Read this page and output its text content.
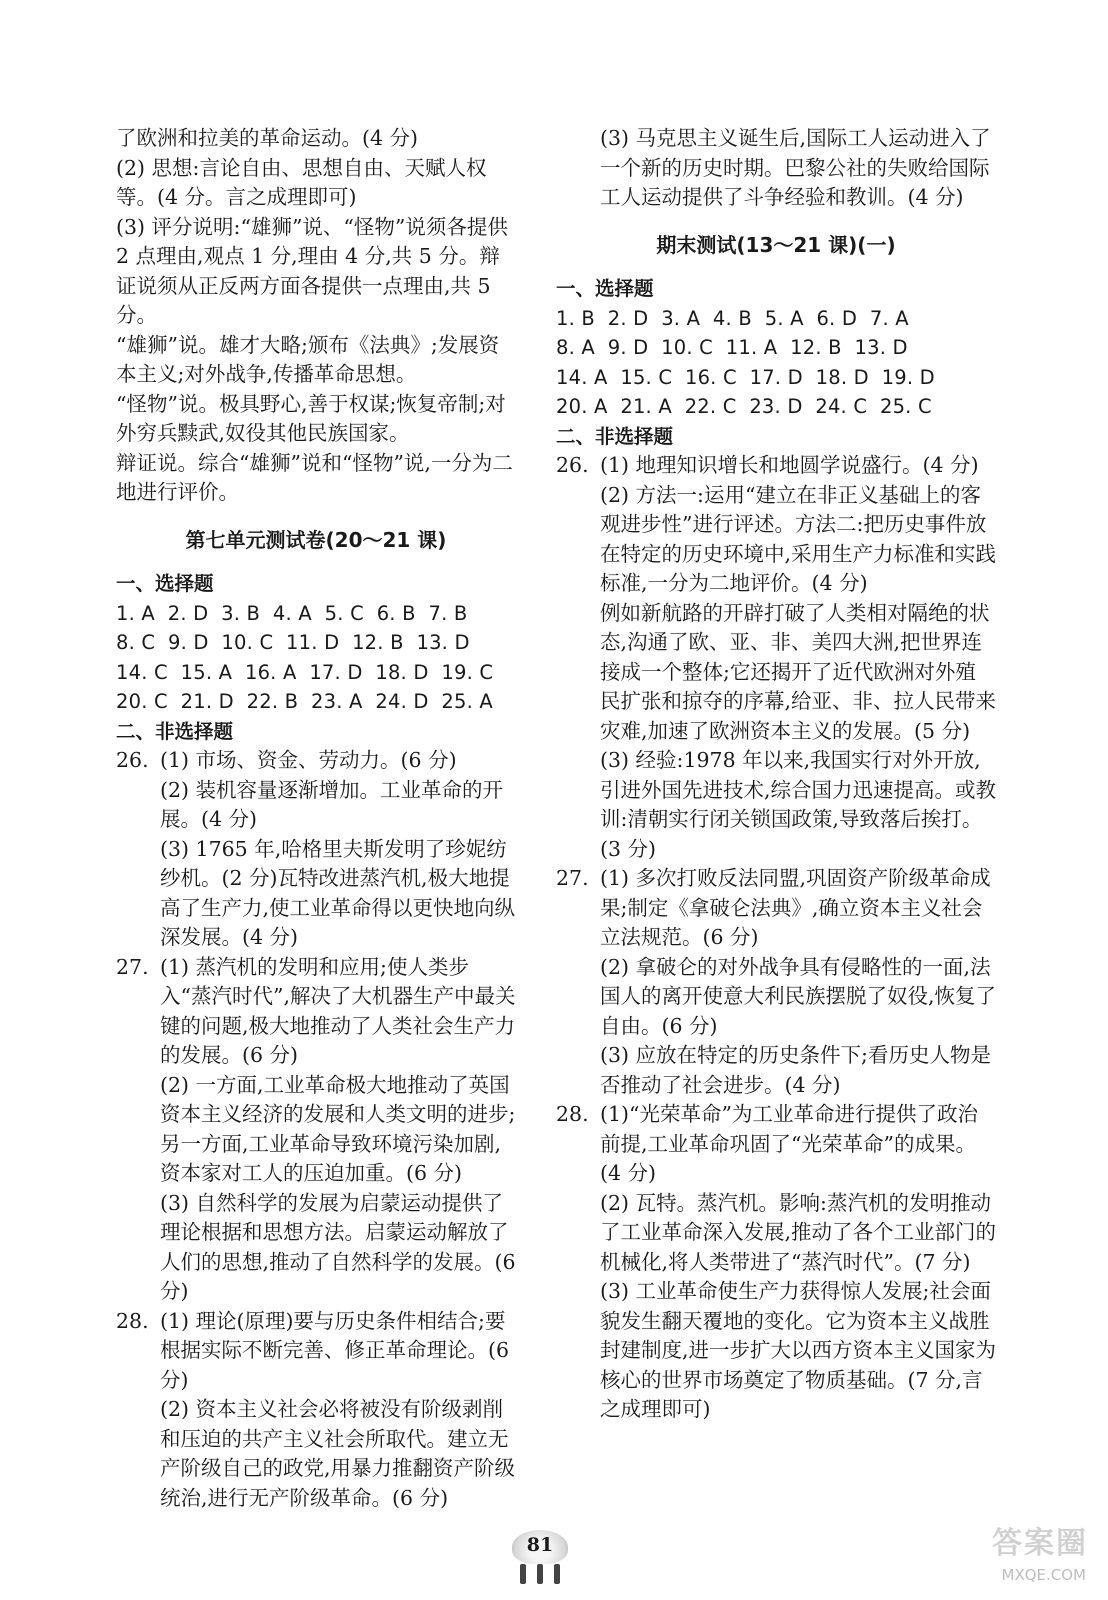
了欧洲和拉美的革命运动。(4 分)

(2) 思想:言论自由、思想自由、天赋人权等。(4 分。言之成理即可)

(3) 评分说明:“雄狮”说、“怪物”说须各提供 2 点理由,观点 1 分,理由 4 分,共 5 分。辩证说须从正反两方面各提供一点理由,共 5 分。

“雄狮”说。雄才大略;颁布《法典》;发展资本主义;对外战争,传播革命思想。

“怪物”说。极具野心,善于权谋;恢复帝制;对外穷兵黩武,奴役其他民族国家。

辩证说。综合“雄狮”说和“怪物”说,一分为二地进行评价。

第七单元测试卷(20～21 课)

一、选择题

1. A  2. D  3. B  4. A  5. C  6. B  7. B

8. C  9. D  10. C  11. D  12. B  13. D

14. C  15. A  16. A  17. D  18. D  19. C

20. C  21. D  22. B  23. A  24. D  25. A

二、非选择题

26. (1) 市场、资金、劳动力。(6 分)

(2) 装机容量逐渐增加。工业革命的开展。(4 分)

(3) 1765 年,哈格里夫斯发明了珍妮纺纱机。(2 分)瓦特改进蒸汽机,极大地提高了生产力,使工业革命得以更快地向纵深发展。(4 分)

27. (1) 蒸汽机的发明和应用;使人类步入“蒸汽时代”,解决了大机器生产中最关键的问题,极大地推动了人类社会生产力的发展。(6 分)

(2) 一方面,工业革命极大地推动了英国资本主义经济的发展和人类文明的进步;另一方面,工业革命导致环境污染加剧,资本家对工人的压迫加重。(6 分)

(3) 自然科学的发展为启蒙运动提供了理论根据和思想方法。启蒙运动解放了人们的思想,推动了自然科学的发展。(6 分)

28. (1) 理论(原理)要与历史条件相结合;要根据实际不断完善、修正革命理论。(6 分)

(2) 资本主义社会必将被没有阶级剥削和压迫的共产主义社会所取代。建立无产阶级自己的政党,用暴力推翻资产阶级统治,进行无产阶级革命。(6 分)

(3) 马克思主义诞生后,国际工人运动进入了一个新的历史时期。巴黎公社的失败给国际工人运动提供了斗争经验和教训。(4 分)

期末测试(13～21 课)(一)

一、选择题

1. B  2. D  3. A  4. B  5. A  6. D  7. A

8. A  9. D  10. C  11. A  12. B  13. D

14. A  15. C  16. C  17. D  18. D  19. D

20. A  21. A  22. C  23. D  24. C  25. C

二、非选择题

26. (1) 地理知识增长和地圆学说盛行。(4 分)

(2) 方法一:运用“建立在非正义基础上的客观进步性”进行评述。方法二:把历史事件放在特定的历史环境中,采用生产力标准和实践标准,一分为二地评价。(4 分)

例如新航路的开辟打破了人类相对隔绝的状态,沟通了欧、亚、非、美四大洲,把世界连接成一个整体;它还揭开了近代欧洲对外殖民扩张和掠夺的序幕,给亚、非、拉人民带来灾难,加速了欧洲资本主义的发展。(5 分)

(3) 经验:1978 年以来,我国实行对外开放,引进外国先进技术,综合国力迅速提高。或教训:清朝实行闭关锁国政策,导致落后挨打。(3 分)

27. (1) 多次打败反法同盟,巩固资产阶级革命成果;制定《拿破仑法典》,确立资本主义社会立法规范。(6 分)

(2) 拿破仑的对外战争具有侵略性的一面,法国人的离开使意大利民族摆脱了奴役,恢复了自由。(6 分)

(3) 应放在特定的历史条件下;看历史人物是否推动了社会进步。(4 分)

28. (1)“光荣革命”为工业革命进行提供了政治前提,工业革命巩固了“光荣革命”的成果。(4 分)

(2) 瓦特。蒸汽机。影响:蒸汽机的发明推动了工业革命深入发展,推动了各个工业部门的机械化,将人类带进了“蒸汽时代”。(7 分)

(3) 工业革命使生产力获得惊人发展;社会面貌发生翻天覆地的变化。它为资本主义战胜封建制度,进一步扩大以西方资本主义国家为核心的世界市场奠定了物质基础。(7 分,言之成理即可)

81	答案圈
MXQE.COM
